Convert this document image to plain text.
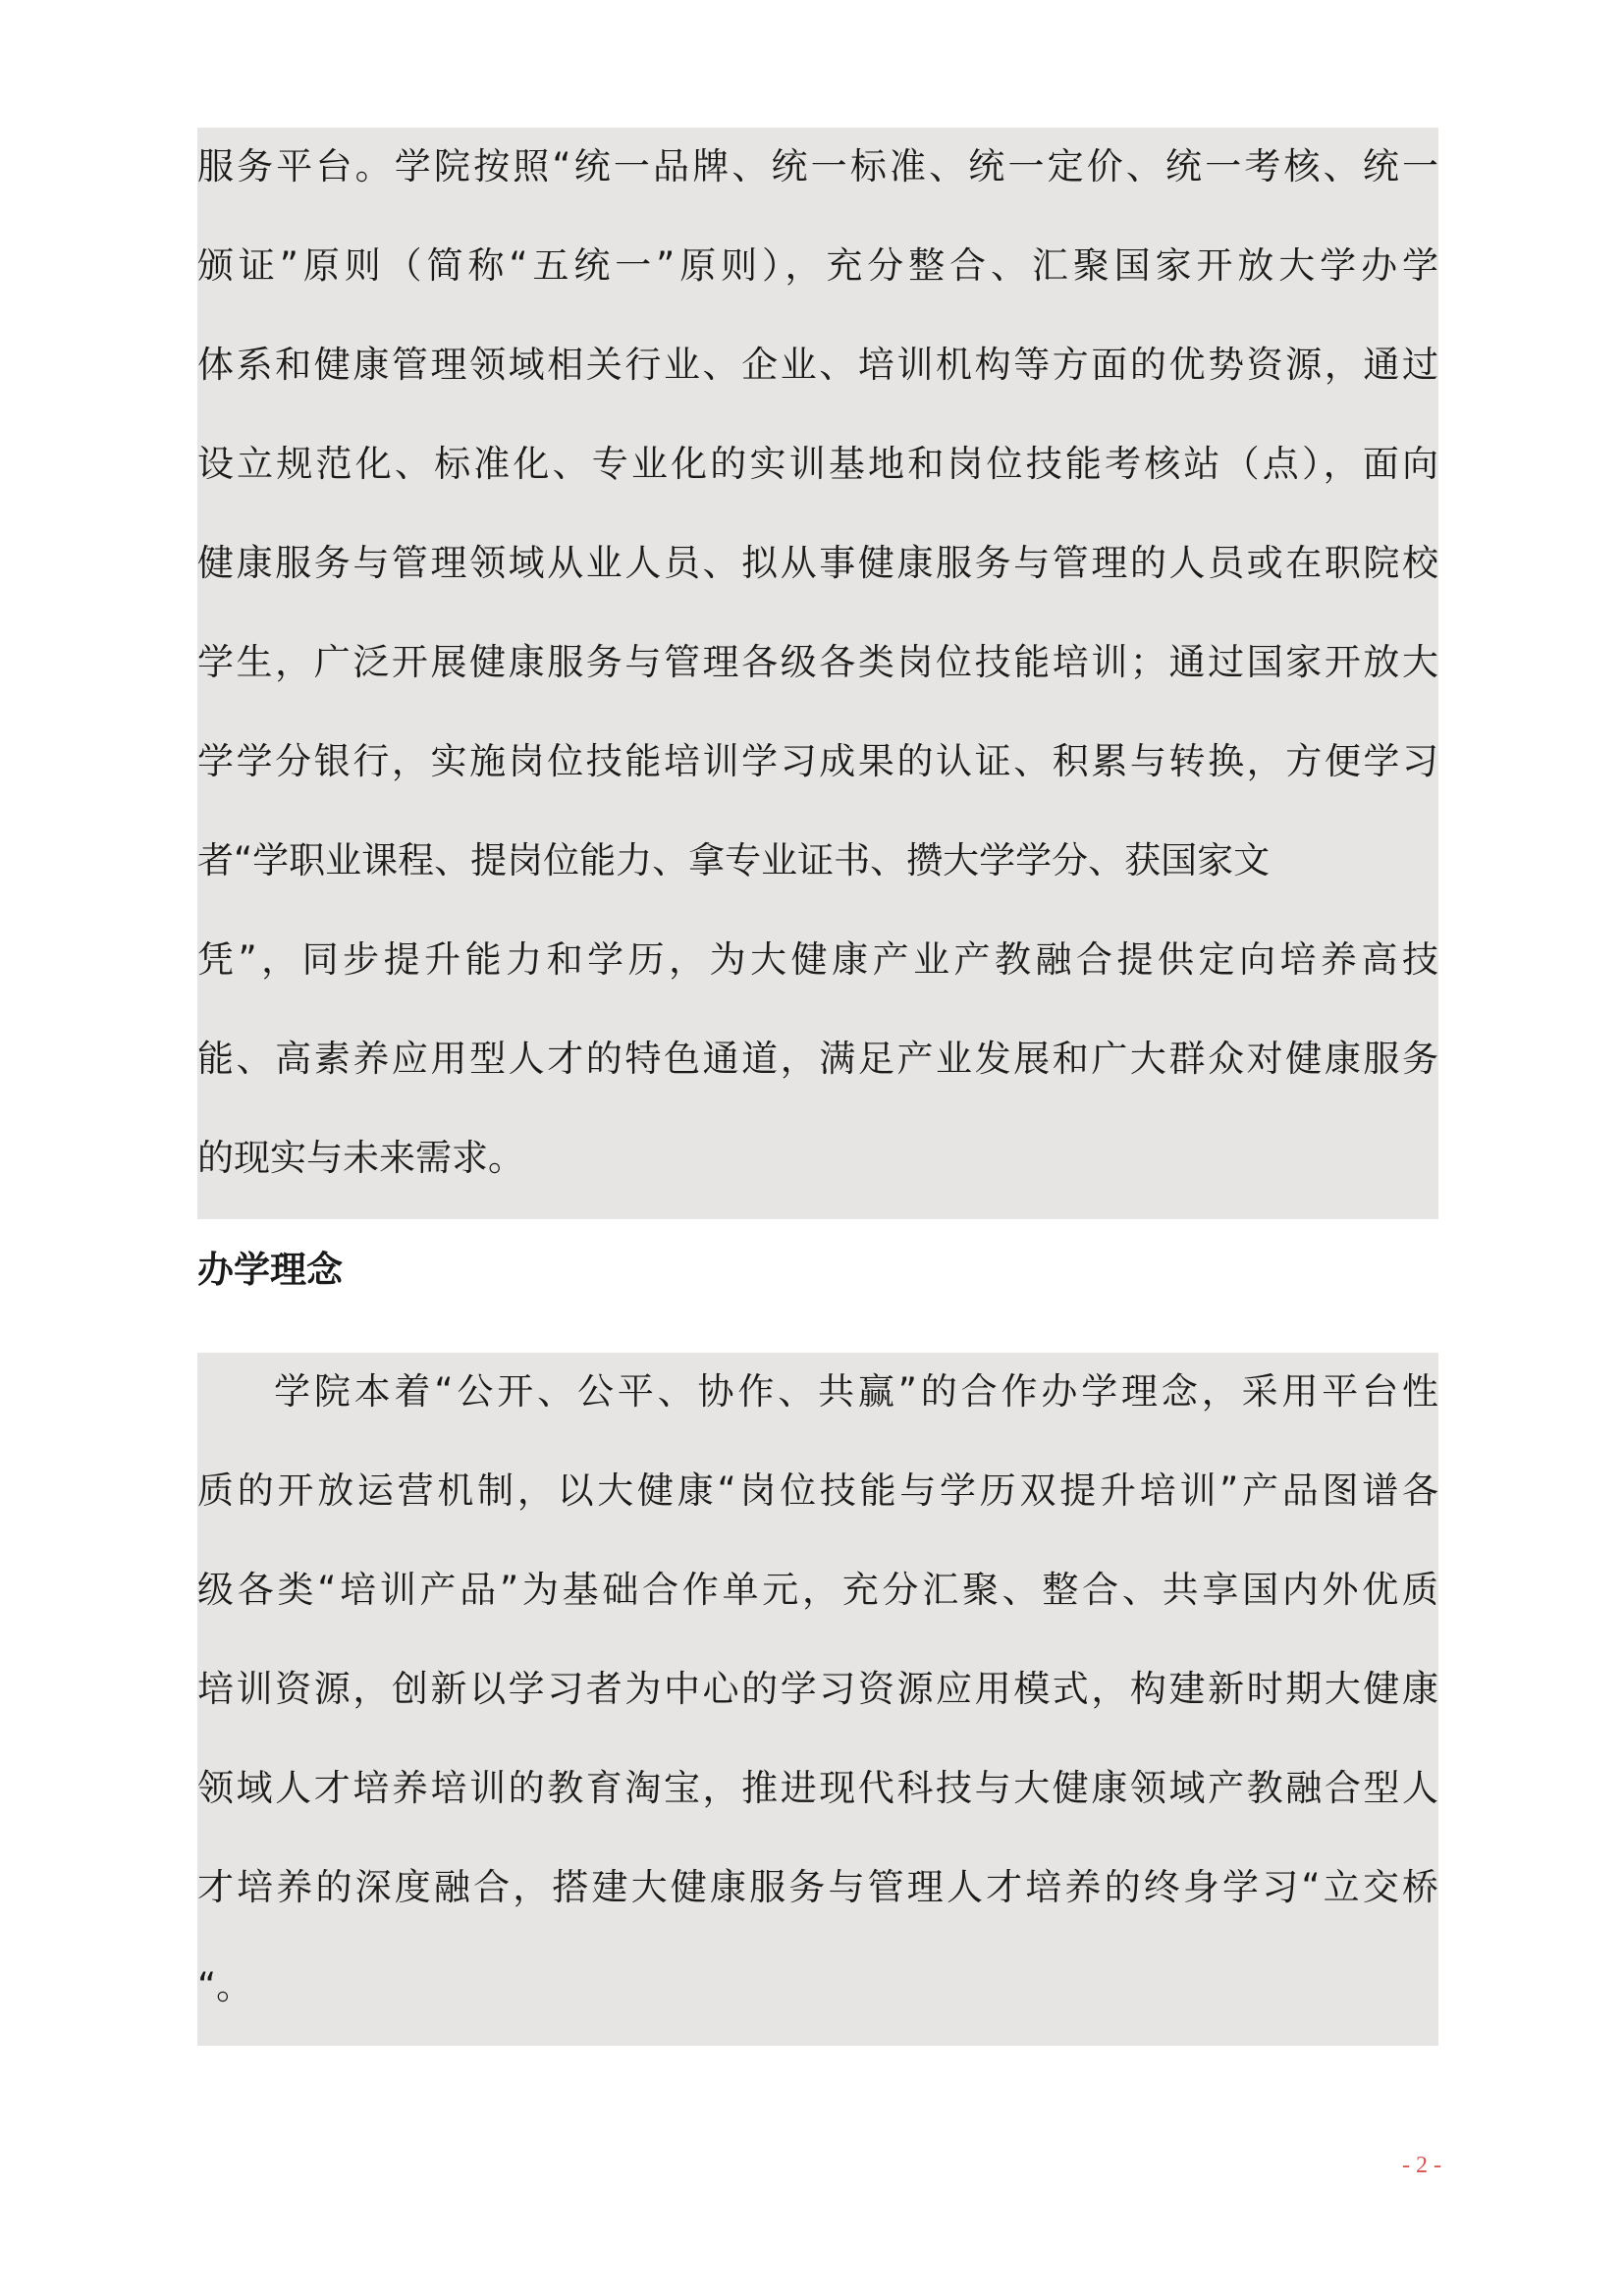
服务平台。学院按照“统一品牌、统一标准、统一定价、统一考核、统一
颁证”原则（简称“五统一”原则），充分整合、汇聚国家开放大学办学
体系和健康管理领域相关行业、企业、培训机构等方面的优势资源，通过
设立规范化、标准化、专业化的实训基地和岗位技能考核站（点），面向
健康服务与管理领域从业人员、拟从事健康服务与管理的人员或在职院校
学生，广泛开展健康服务与管理各级各类岗位技能培训；通过国家开放大
学学分银行，实施岗位技能培训学习成果的认证、积累与转换，方便学习
者“学职业课程、提岗位能力、拿专业证书、攒大学学分、获国家文
凭”，同步提升能力和学历，为大健康产业产教融合提供定向培养高技
能、高素养应用型人才的特色通道，满足产业发展和广大群众对健康服务
的现实与未来需求。
办学理念
学院本着“公开、公平、协作、共赢”的合作办学理念，采用平台性
质的开放运营机制，以大健康“岗位技能与学历双提升培训”产品图谱各
级各类“培训产品”为基础合作单元，充分汇聚、整合、共享国内外优质
培训资源，创新以学习者为中心的学习资源应用模式，构建新时期大健康
领域人才培养培训的教育淘宝，推进现代科技与大健康领域产教融合型人
才培养的深度融合，搭建大健康服务与管理人才培养的终身学习“立交桥
“。
- 2 -
